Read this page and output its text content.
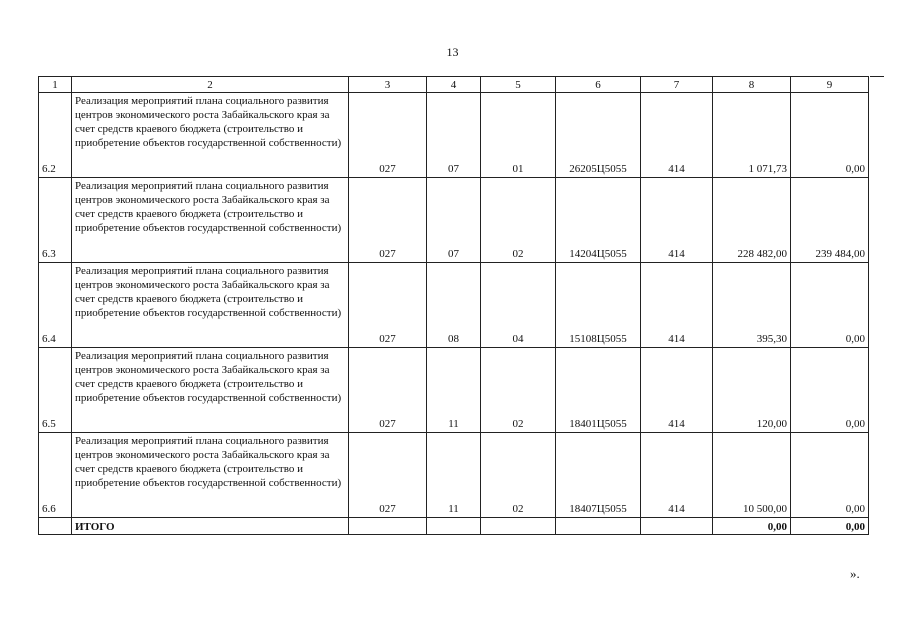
13
1	2	3	4	5	6	7	8	9
6.2	Реализация мероприятий плана социального развития центров экономического роста Забайкальского края за счет средств краевого бюджета (строительство и приобретение объектов государственной собственности)	027	07	01	26205Ц5055	414	1 071,73	0,00
6.3	Реализация мероприятий плана социального развития центров экономического роста Забайкальского края за счет средств краевого бюджета (строительство и приобретение объектов государственной собственности)	027	07	02	14204Ц5055	414	228 482,00	239 484,00
6.4	Реализация мероприятий плана социального развития центров экономического роста Забайкальского края за счет средств краевого бюджета (строительство и приобретение объектов государственной собственности)	027	08	04	15108Ц5055	414	395,30	0,00
6.5	Реализация мероприятий плана социального развития центров экономического роста Забайкальского края за счет средств краевого бюджета (строительство и приобретение объектов государственной собственности)	027	11	02	18401Ц5055	414	120,00	0,00
6.6	Реализация мероприятий плана социального развития центров экономического роста Забайкальского края за счет средств краевого бюджета (строительство и приобретение объектов государственной собственности)	027	11	02	18407Ц5055	414	10 500,00	0,00
	ИТОГО						0,00	0,00
».
